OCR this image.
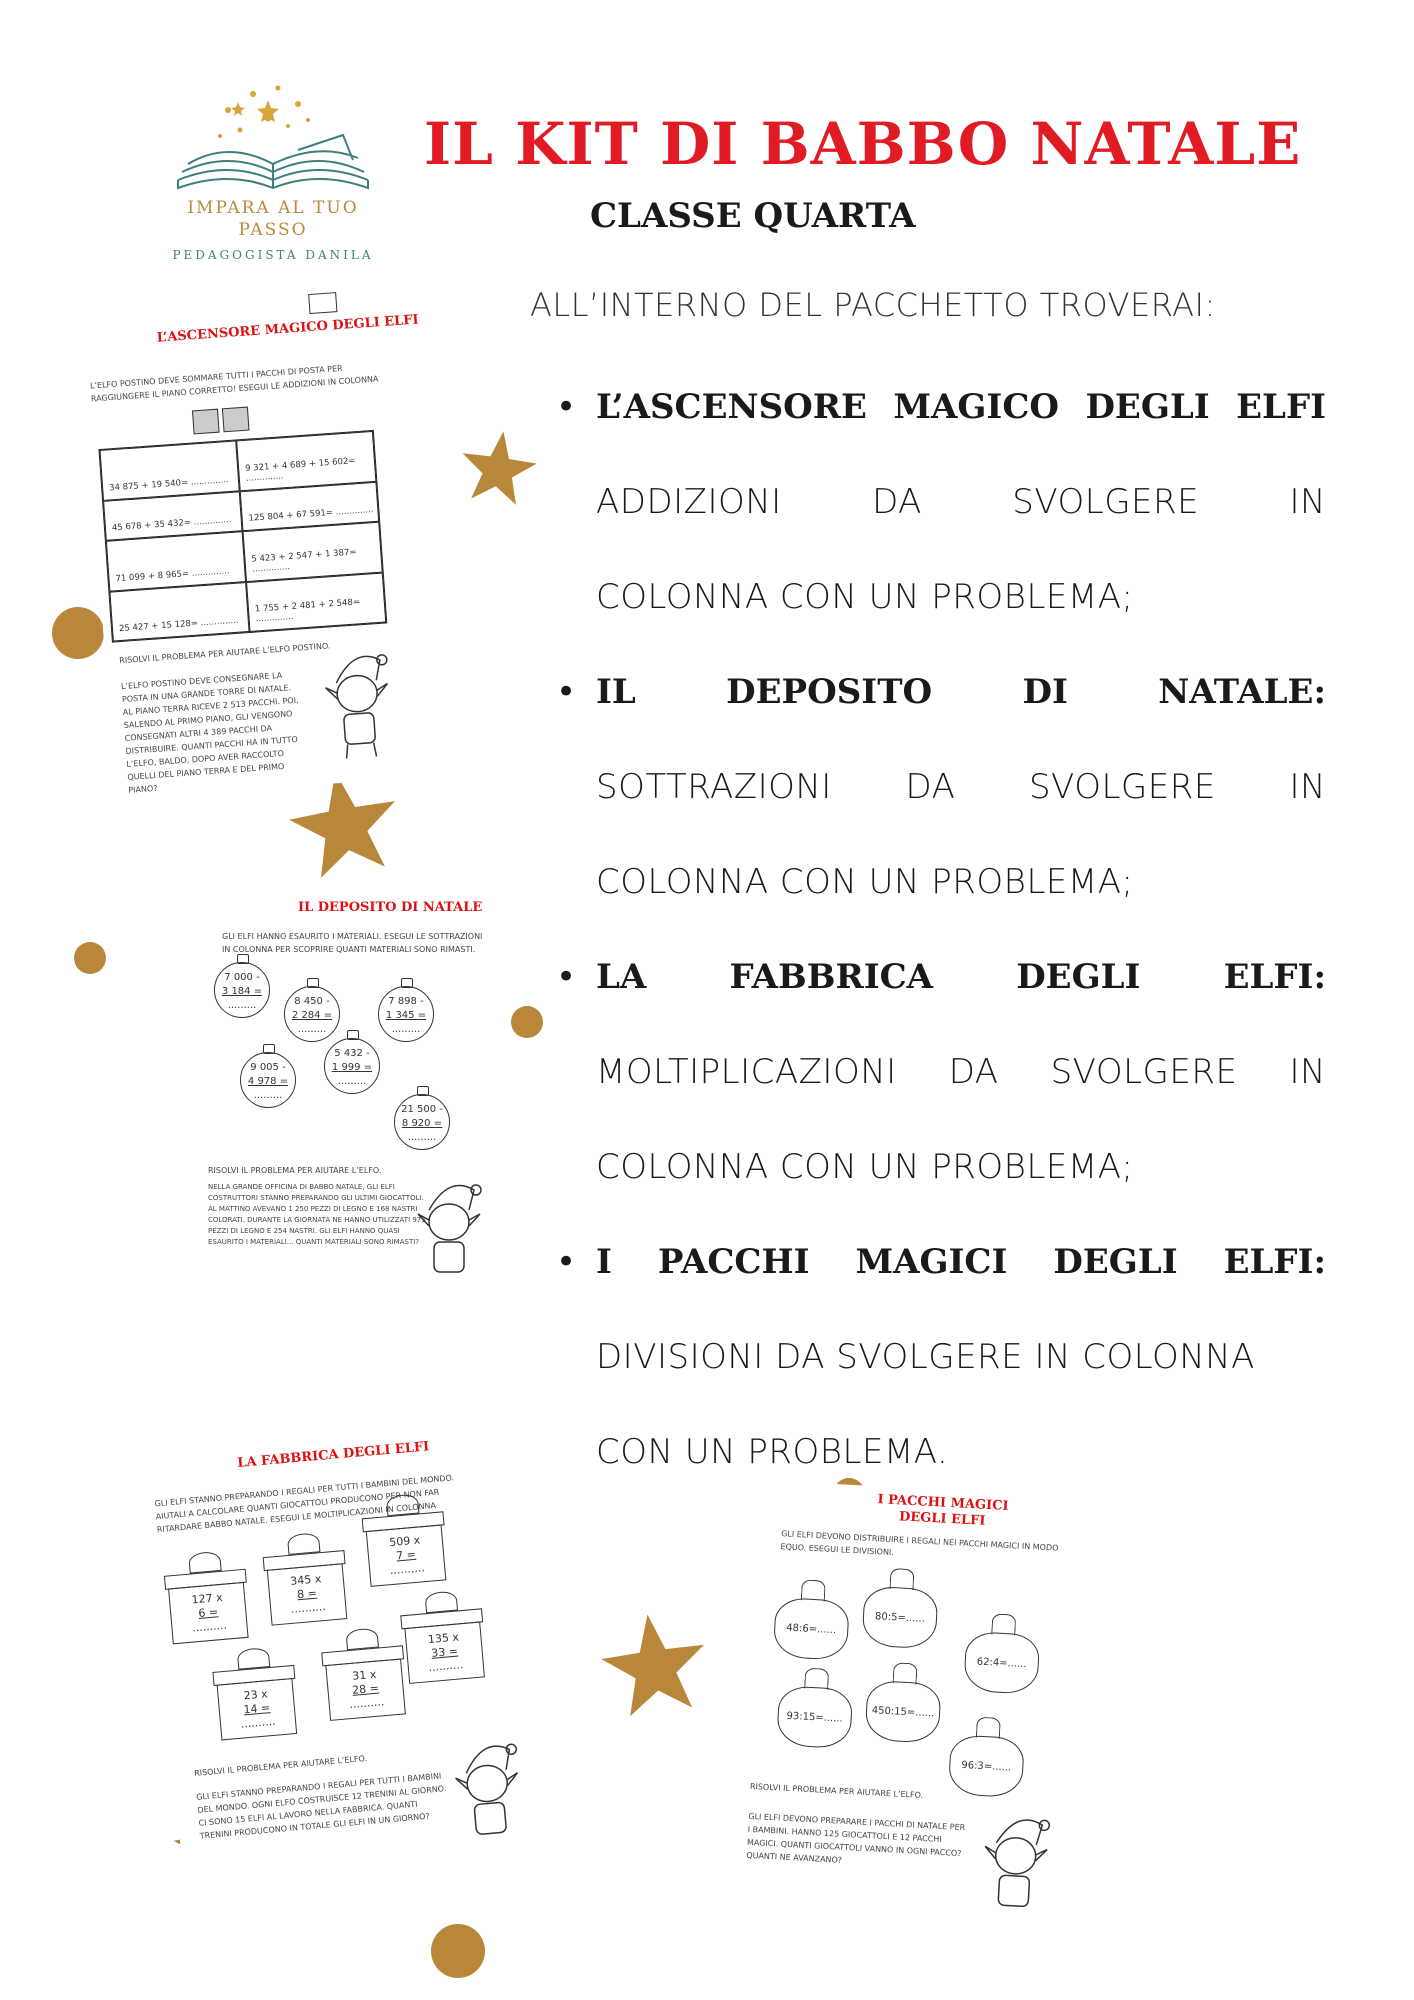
IMPARA AL TUO
PASSO
PEDAGOGISTA DANILA
IL KIT DI BABBO NATALE
CLASSE QUARTA
ALL’INTERNO DEL PACCHETTO TROVERAI:
• L’ASCENSORE MAGICO DEGLI ELFI
ADDIZIONI	DA	SVOLGERE	IN
COLONNA CON UN PROBLEMA;
• IL	DEPOSITO	DI	NATALE:
SOTTRAZIONI DA SVOLGERE IN
COLONNA CON UN PROBLEMA;
• LA FABBRICA DEGLI ELFI:
MOLTIPLICAZIONI DA SVOLGERE IN
COLONNA CON UN PROBLEMA;
• I PACCHI MAGICI DEGLI ELFI:
DIVISIONI DA SVOLGERE IN COLONNA
CON UN PROBLEMA.
L’ASCENSORE MAGICO DEGLI ELFI
L’ELFO POSTINO DEVE SOMMARE TUTTI I PACCHI DI POSTA PER RAGGIUNGERE IL PIANO CORRETTO! ESEGUI LE ADDIZIONI IN COLONNA
34 875 + 19 540= ..............
9 321 + 4 689 + 15 602= ..............
45 678 + 35 432= ..............
125 804 + 67 591= ..............
71 099 + 8 965= ..............
5 423 + 2 547 + 1 387= ..............
25 427 + 15 128= ..............
1 755 + 2 481 + 2 548= ..............
RISOLVI IL PROBLEMA PER AIUTARE L’ELFO POSTINO.
L’ELFO POSTINO DEVE CONSEGNARE LA POSTA IN UNA GRANDE TORRE DI NATALE. AL PIANO TERRA RICEVE 2 513 PACCHI. POI, SALENDO AL PRIMO PIANO, GLI VENGONO CONSEGNATI ALTRI 4 389 PACCHI DA DISTRIBUIRE. QUANTI PACCHI HA IN TUTTO L’ELFO, BALDO, DOPO AVER RACCOLTO QUELLI DEL PIANO TERRA E DEL PRIMO PIANO?
IL DEPOSITO DI NATALE
GLI ELFI HANNO ESAURITO I MATERIALI. ESEGUI LE SOTTRAZIONI IN COLONNA PER SCOPRIRE QUANTI MATERIALI SONO RIMASTI.
7 000 -
3 184 =
.........	8 450 -
2 284 =
.........
7 898 -
1 345 =
.........
9 005 -
4 978 =
.........
5 432 -
1 999 =
.........
21 500 -
8 920 =
.........
RISOLVI IL PROBLEMA PER AIUTARE L’ELFO.
NELLA GRANDE OFFICINA DI BABBO NATALE, GLI ELFI COSTRUTTORI STANNO PREPARANDO GLI ULTIMI GIOCATTOLI. AL MATTINO AVEVANO 1 250 PEZZI DI LEGNO E 168 NASTRI COLORATI. DURANTE LA GIORNATA NE HANNO UTILIZZATI 975 PEZZI DI LEGNO E 254 NASTRI. GLI ELFI HANNO QUASI ESAURITO I MATERIALI... QUANTI MATERIALI SONO RIMASTI?
LA FABBRICA DEGLI ELFI
GLI ELFI STANNO PREPARANDO I REGALI PER TUTTI I BAMBINI DEL MONDO. AIUTALI A CALCOLARE QUANTI GIOCATTOLI PRODUCONO PER NON FAR RITARDARE BABBO NATALE. ESEGUI LE MOLTIPLICAZIONI IN COLONNA
127 x
6 =
..........
345 x
8 =
..........
509 x
7 =
..........
23 x
14 =
..........
31 x
28 =
..........
135 x
33 =
..........
RISOLVI IL PROBLEMA PER AIUTARE L’ELFO.
GLI ELFI STANNO PREPARANDO I REGALI PER TUTTI I BAMBINI DEL MONDO. OGNI ELFO COSTRUISCE 12 TRENINI AL GIORNO. CI SONO 15 ELFI AL LAVORO NELLA FABBRICA. QUANTI TRENINI PRODUCONO IN TOTALE GLI ELFI IN UN GIORNO?
I PACCHI MAGICI DEGLI ELFI
GLI ELFI DEVONO DISTRIBUIRE I REGALI NEI PACCHI MAGICI IN MODO EQUO. ESEGUI LE DIVISIONI.
48:6=......
80:5=......
62:4=......
93:15=......	450:15=......
96:3=......
RISOLVI IL PROBLEMA PER AIUTARE L’ELFO.
GLI ELFI DEVONO PREPARARE I PACCHI DI NATALE PER I BAMBINI. HANNO 125 GIOCATTOLI E 12 PACCHI MAGICI. QUANTI GIOCATTOLI VANNO IN OGNI PACCO? QUANTI NE AVANZANO?
